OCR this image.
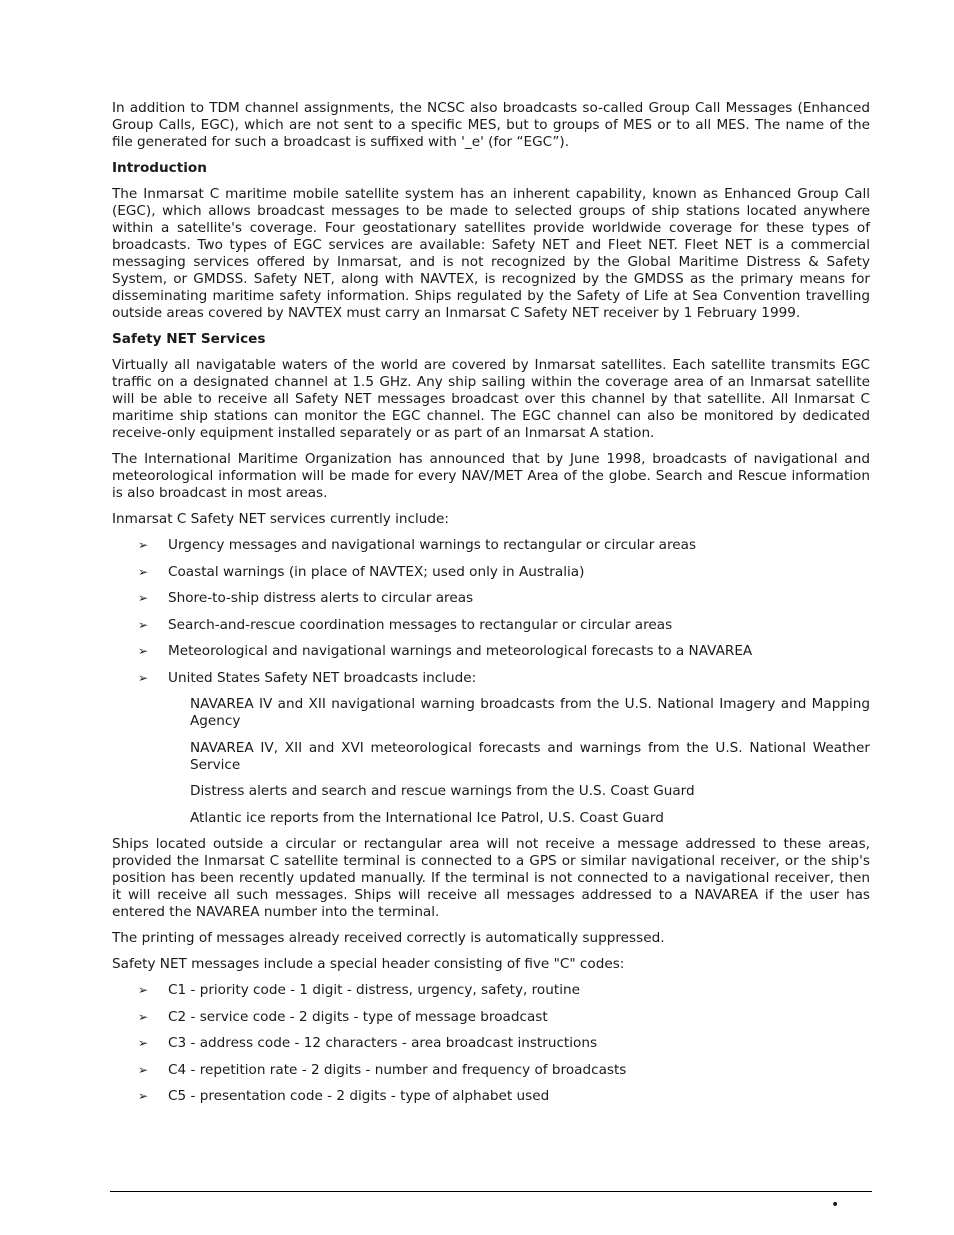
In addition to TDM channel assignments, the NCSC also broadcasts so-called Group Call Messages (Enhanced Group Calls, EGC), which are not sent to a specific MES, but to groups of MES or to all MES. The name of the file generated for such a broadcast is suffixed with '_e' (for “EGC”).

Introduction

The Inmarsat C maritime mobile satellite system has an inherent capability, known as Enhanced Group Call (EGC), which allows broadcast messages to be made to selected groups of ship stations located anywhere within a satellite's coverage. Four geostationary satellites provide worldwide coverage for these types of broadcasts. Two types of EGC services are available: Safety NET and Fleet NET. Fleet NET is a commercial messaging services offered by Inmarsat, and is not recognized by the Global Maritime Distress & Safety System, or GMDSS. Safety NET, along with NAVTEX, is recognized by the GMDSS as the primary means for disseminating maritime safety information. Ships regulated by the Safety of Life at Sea Convention travelling outside areas covered by NAVTEX must carry an Inmarsat C Safety NET receiver by 1 February 1999.

Safety NET Services

Virtually all navigatable waters of the world are covered by Inmarsat satellites. Each satellite transmits EGC traffic on a designated channel at 1.5 GHz. Any ship sailing within the coverage area of an Inmarsat satellite will be able to receive all Safety NET messages broadcast over this channel by that satellite. All Inmarsat C maritime ship stations can monitor the EGC channel. The EGC channel can also be monitored by dedicated receive-only equipment installed separately or as part of an Inmarsat A station.

The International Maritime Organization has announced that by June 1998, broadcasts of navigational and meteorological information will be made for every NAV/MET Area of the globe. Search and Rescue information is also broadcast in most areas.

Inmarsat C Safety NET services currently include:

➢ Urgency messages and navigational warnings to rectangular or circular areas
➢ Coastal warnings (in place of NAVTEX; used only in Australia)
➢ Shore-to-ship distress alerts to circular areas
➢ Search-and-rescue coordination messages to rectangular or circular areas
➢ Meteorological and navigational warnings and meteorological forecasts to a NAVAREA
➢ United States Safety NET broadcasts include:

NAVAREA IV and XII navigational warning broadcasts from the U.S. National Imagery and Mapping Agency

NAVAREA IV, XII and XVI meteorological forecasts and warnings from the U.S. National Weather Service

Distress alerts and search and rescue warnings from the U.S. Coast Guard

Atlantic ice reports from the International Ice Patrol, U.S. Coast Guard

Ships located outside a circular or rectangular area will not receive a message addressed to these areas, provided the Inmarsat C satellite terminal is connected to a GPS or similar navigational receiver, or the ship's position has been recently updated manually. If the terminal is not connected to a navigational receiver, then it will receive all such messages. Ships will receive all messages addressed to a NAVAREA if the user has entered the NAVAREA number into the terminal.

The printing of messages already received correctly is automatically suppressed.

Safety NET messages include a special header consisting of five "C" codes:

➢ C1 - priority code - 1 digit - distress, urgency, safety, routine
➢ C2 - service code - 2 digits - type of message broadcast
➢ C3 - address code - 12 characters - area broadcast instructions
➢ C4 - repetition rate - 2 digits - number and frequency of broadcasts
➢ C5 - presentation code - 2 digits - type of alphabet used
•
